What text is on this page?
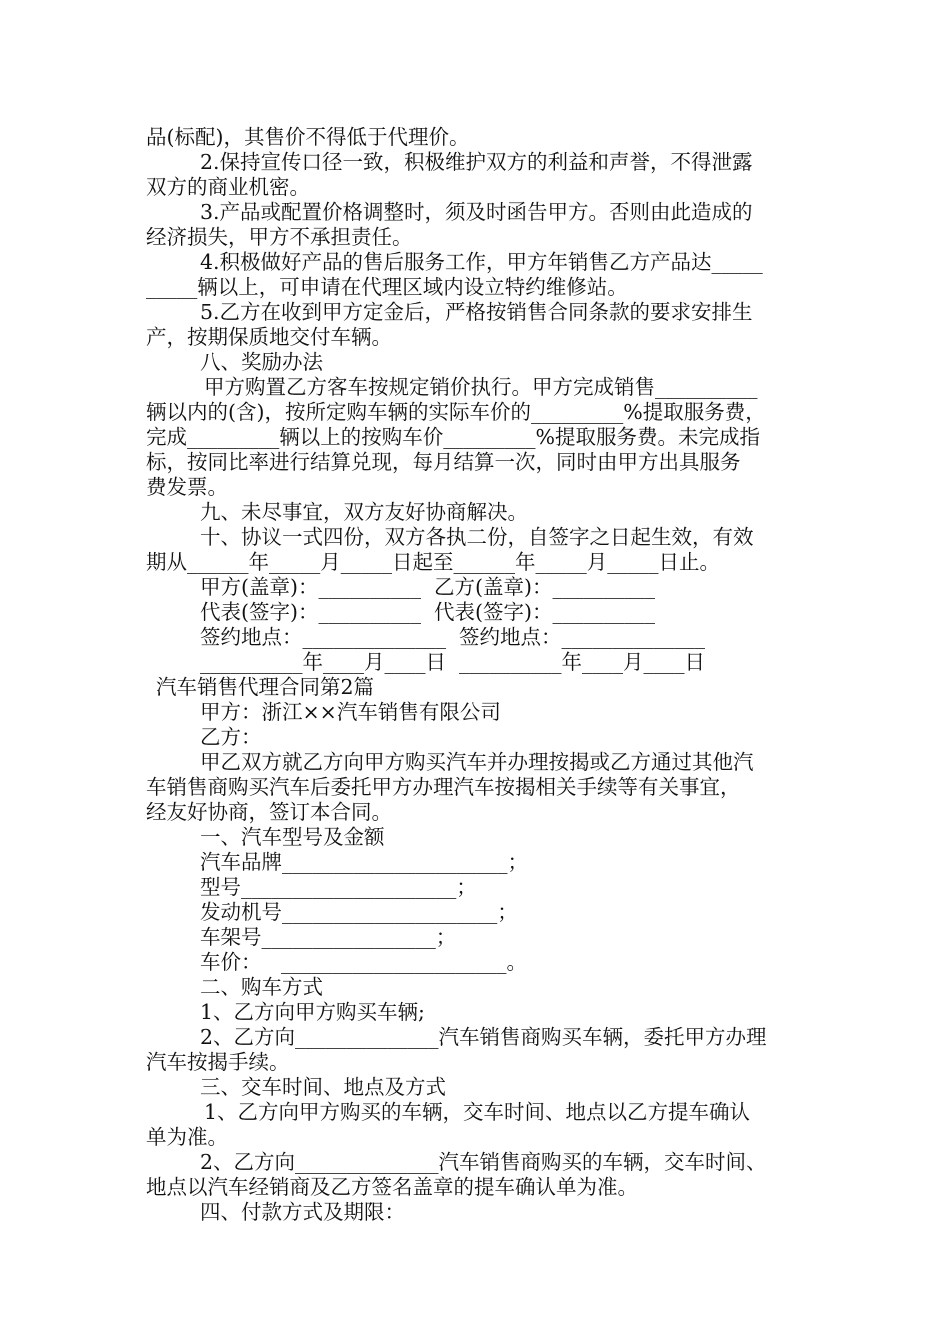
品(标配)，其售价不得低于代理价。
2.保持宣传口径一致，积极维护双方的利益和声誉，不得泄露
双方的商业机密。
3.产品或配置价格调整时，须及时函告甲方。否则由此造成的
经济损失，甲方不承担责任。
4.积极做好产品的售后服务工作，甲方年销售乙方产品达_____
_____辆以上，可申请在代理区域内设立特约维修站。
5.乙方在收到甲方定金后，严格按销售合同条款的要求安排生
产，按期保质地交付车辆。
八、奖励办法
甲方购置乙方客车按规定销价执行。甲方完成销售__________
辆以内的(含)，按所定购车辆的实际车价的_________%提取服务费，
完成_________辆以上的按购车价_________%提取服务费。未完成指
标，按同比率进行结算兑现，每月结算一次，同时由甲方出具服务
费发票。
九、未尽事宜，双方友好协商解决。
十、协议一式四份，双方各执二份，自签字之日起生效，有效
期从______年_____月_____日起至______年_____月_____日止。
甲方(盖章)：__________  乙方(盖章)：__________
代表(签字)：__________  代表(签字)：__________
签约地点：______________  签约地点：______________
__________年____月____日  __________年____月____日
汽车销售代理合同第2篇
甲方：浙江××汽车销售有限公司
乙方：
甲乙双方就乙方向甲方购买汽车并办理按揭或乙方通过其他汽
车销售商购买汽车后委托甲方办理汽车按揭相关手续等有关事宜，
经友好协商，签订本合同。
一、汽车型号及金额
汽车品牌______________________；
型号_____________________；
发动机号_____________________；
车架号_________________；
车价：   ______________________。
二、购车方式
1、乙方向甲方购买车辆;
2、乙方向______________汽车销售商购买车辆，委托甲方办理
汽车按揭手续。
三、交车时间、地点及方式
1、乙方向甲方购买的车辆，交车时间、地点以乙方提车确认
单为准。
2、乙方向______________汽车销售商购买的车辆，交车时间、
地点以汽车经销商及乙方签名盖章的提车确认单为准。
四、付款方式及期限：
